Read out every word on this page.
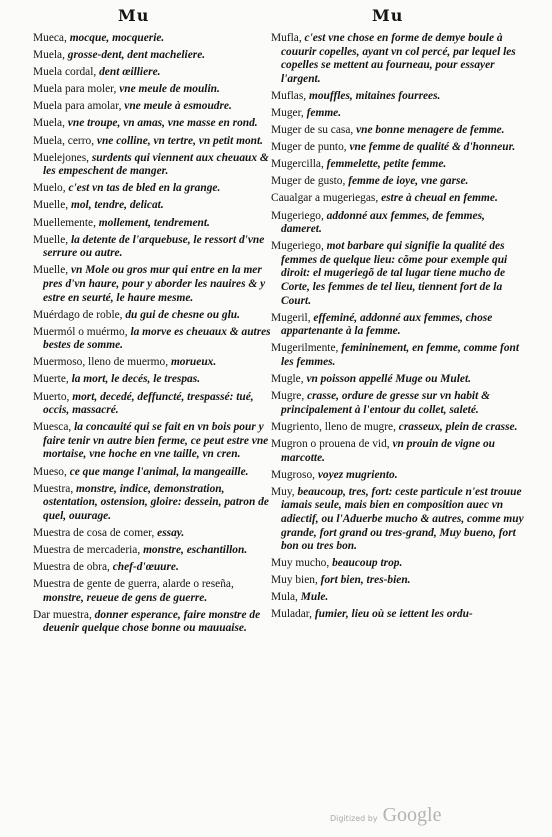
Mu	Mu
Mueca, mocque, mocquerie.
Muela, grosse-dent, dent macheliere.
Muela cordal, dent œilliere.
Muela para moler, vne meule de moulin.
Muela para amolar, vne meule à esmoudre.
Muela, vne troupe, vn amas, vne masse en rond.
Muela, cerro, vne colline, vn tertre, vn petit mont.
Muelejones, surdents qui viennent aux cheuaux & les empeschent de manger.
Muelo, c'est vn tas de bled en la grange.
Muelle, mol, tendre, delicat.
Muellemente, mollement, tendrement.
Muelle, la detente de l'arquebuse, le ressort d'vne serrure ou autre.
Muelle, vn Mole ou gros mur qui entre en la mer pres d'vn haure, pour y aborder les nauires & y estre en seurté, le haure mesme.
Muérdago de roble, du gui de chesne ou glu.
Muermól o muérmo, la morve es cheuaux & autres bestes de somme.
Muermoso, lleno de muermo, morueux.
Muerte, la mort, le decés, le trespas.
Muerto, mort, decedé, deffuncté, trespassé: tué, occis, massacré.
Muesca, la concauité qui se fait en vn bois pour y faire tenir vn autre bien ferme, ce peut estre vne mortaise, vne hoche en vne taille, vn cren.
Mueso, ce que mange l'animal, la mangeaille.
Muestra, monstre, indice, demonstration, ostentation, ostension, gloire: dessein, patron de quel, ouurage.
Muestra de cosa de comer, essay.
Muestra de mercaderia, monstre, eschantillon.
Muestra de obra, chef-d'œuure.
Muestra de gente de guerra, alarde o reseña, monstre, reueue de gens de guerre.
Dar muestra, donner esperance, faire monstre de deuenir quelque chose bonne ou mauuaise.
Mufla, c'est vne chose en forme de demye boule à couurir copelles, ayant vn col percé, par lequel les copelles se mettent au fourneau, pour essayer l'argent.
Muflas, mouffles, mitaines fourrees.
Muger, femme.
Muger de su casa, vne bonne menagere de femme.
Muger de punto, vne femme de qualité & d'honneur.
Mugercilla, femmelette, petite femme.
Muger de gusto, femme de ioye, vne garse.
Caualgar a mugeriegas, estre à cheual en femme.
Mugeriego, addonné aux femmes, de femmes, dameret.
Mugeriego, mot barbare qui signifie la qualité des femmes de quelque lieu: cõme pour exemple qui diroit: el mugeriegõ de tal lugar tiene mucho de Corte, les femmes de tel lieu, tiennent fort de la Court.
Mugeril, effeminé, addonné aux femmes, chose appartenante à la femme.
Mugerilmente, femininement, en femme, comme font les femmes.
Mugle, vn poisson appellé Muge ou Mulet.
Mugre, crasse, ordure de gresse sur vn habit & principalement à l'entour du collet, saleté.
Mugriento, lleno de mugre, crasseux, plein de crasse.
Mugron o prouena de vid, vn prouin de vigne ou marcotte.
Mugroso, voyez mugriento.
Muy, beaucoup, tres, fort: ceste particule n'est trouue iamais seule, mais bien en composition auec vn adiectif, ou l'Aduerbe mucho & autres, comme muy grande, fort grand ou tres-grand, Muy bueno, fort bon ou tres bon.
Muy mucho, beaucoup trop.
Muy bien, fort bien, tres-bien.
Mula, Mule.
Muladar, fumier, lieu où se iettent les ordu-
Digitized by Google
